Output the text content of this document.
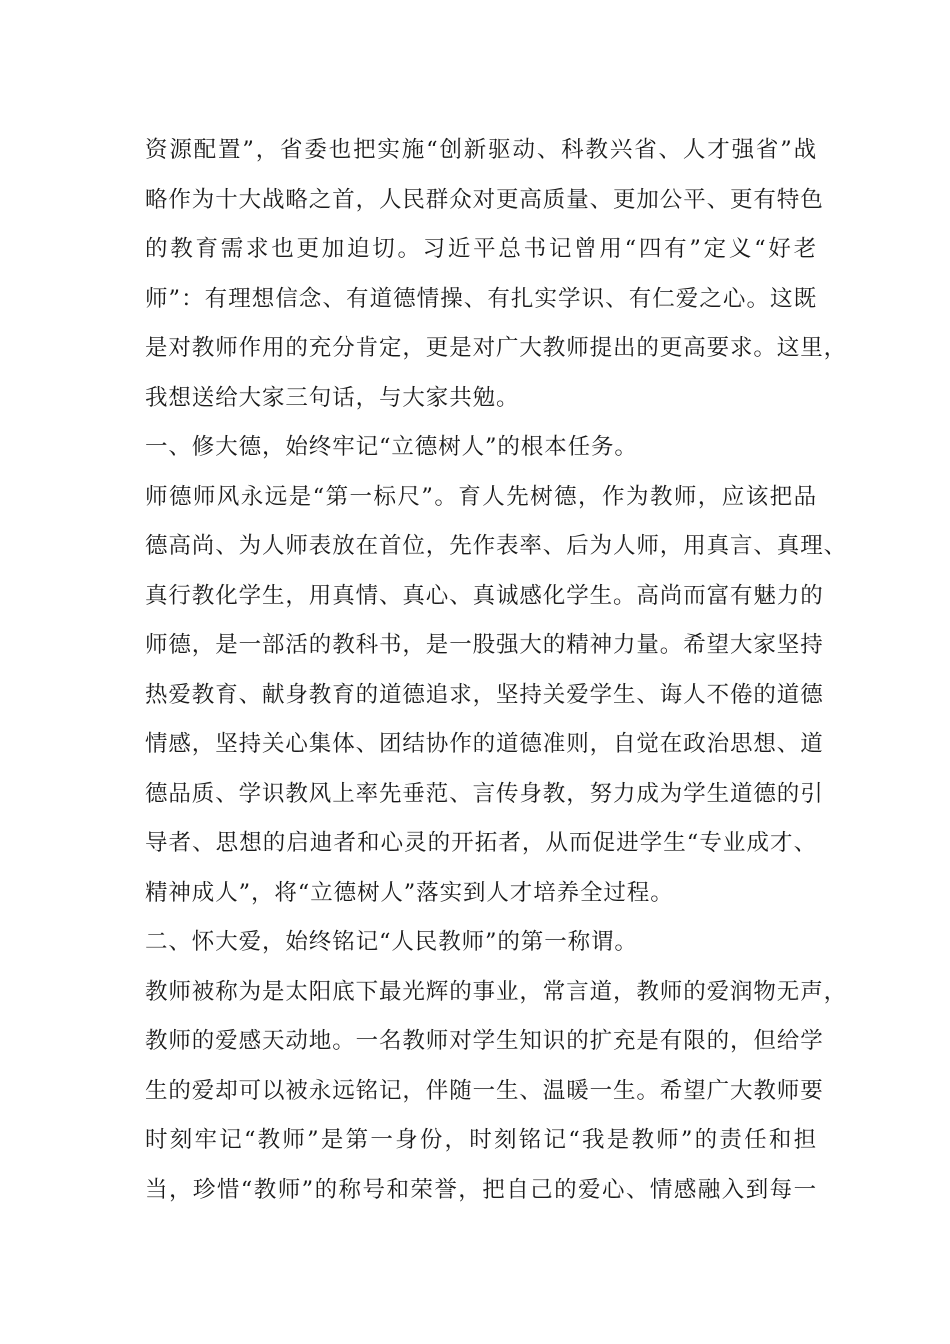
资源配置”，省委也把实施“创新驱动、科教兴省、人才强省”战
略作为十大战略之首，人民群众对更高质量、更加公平、更有特色
的教育需求也更加迫切。习近平总书记曾用“四有”定义“好老
师”：有理想信念、有道德情操、有扎实学识、有仁爱之心。这既
是对教师作用的充分肯定，更是对广大教师提出的更高要求。这里，
我想送给大家三句话，与大家共勉。
一、修大德，始终牢记“立德树人”的根本任务。
师德师风永远是“第一标尺”。育人先树德，作为教师，应该把品
德高尚、为人师表放在首位，先作表率、后为人师，用真言、真理、
真行教化学生，用真情、真心、真诚感化学生。高尚而富有魅力的
师德，是一部活的教科书，是一股强大的精神力量。希望大家坚持
热爱教育、献身教育的道德追求，坚持关爱学生、诲人不倦的道德
情感，坚持关心集体、团结协作的道德准则，自觉在政治思想、道
德品质、学识教风上率先垂范、言传身教，努力成为学生道德的引
导者、思想的启迪者和心灵的开拓者，从而促进学生“专业成才、
精神成人”，将“立德树人”落实到人才培养全过程。
二、怀大爱，始终铭记“人民教师”的第一称谓。
教师被称为是太阳底下最光辉的事业，常言道，教师的爱润物无声，
教师的爱感天动地。一名教师对学生知识的扩充是有限的，但给学
生的爱却可以被永远铭记，伴随一生、温暖一生。希望广大教师要
时刻牢记“教师”是第一身份，时刻铭记“我是教师”的责任和担
当，珍惜“教师”的称号和荣誉，把自己的爱心、情感融入到每一
